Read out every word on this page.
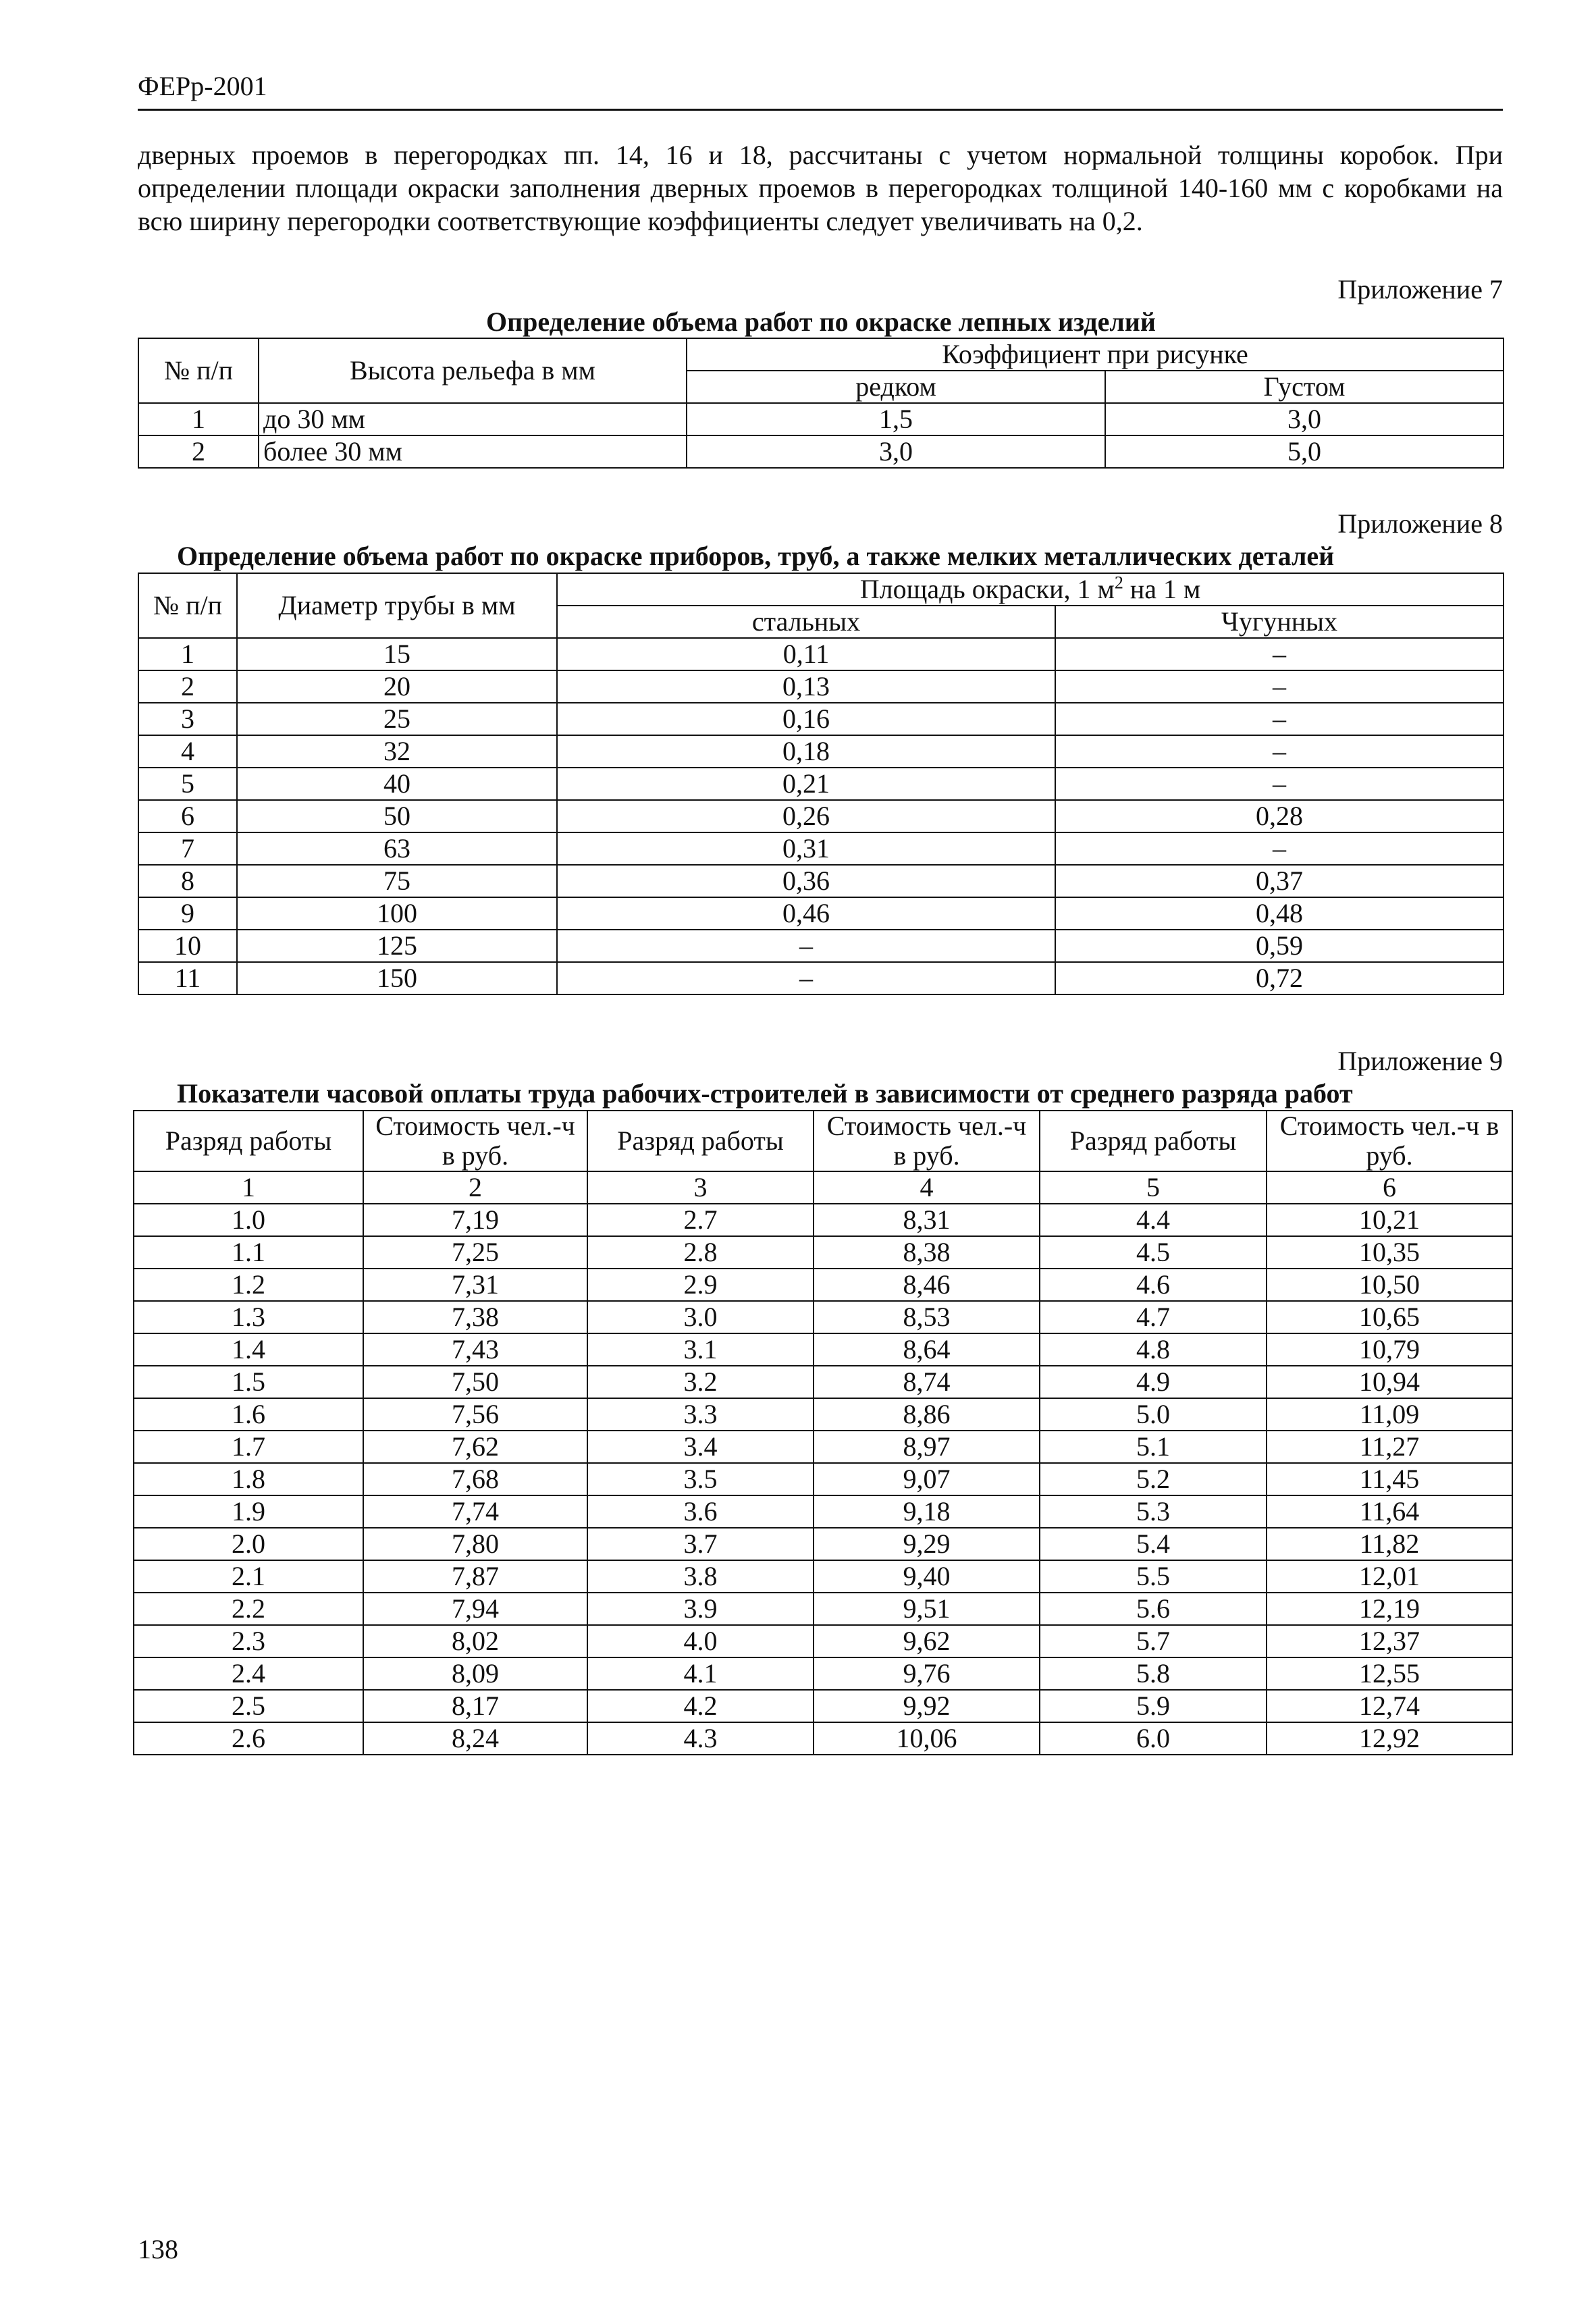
ФЕРр-2001
дверных проемов в перегородках пп. 14, 16 и 18, рассчитаны с учетом нормальной толщины коробок. При определении площади окраски заполнения дверных проемов в перегородках толщиной 140-160 мм с коробками на всю ширину перегородки соответствующие коэффициенты следует увеличивать на 0,2.
Приложение 7
Определение объема работ по окраске лепных изделий
№ п/п	Высота рельефа в мм	Коэффициент при рисунке	
		редком	Густом
1	до 30 мм	1,5	3,0
2	более 30 мм	3,0	5,0
Приложение 8
Определение объема работ по окраске приборов, труб, а также мелких металлических деталей
№ п/п	Диаметр трубы в мм	Площадь окраски, 1 $м^2$ на 1 м	
		стальных	Чугунных
1	15	0,11	–
2	20	0,13	–
3	25	0,16	–
4	32	0,18	–
5	40	0,21	–
6	50	0,26	0,28
7	63	0,31	–
8	75	0,36	0,37
9	100	0,46	0,48
10	125	–	0,59
11	150	–	0,72
Приложение 9
Показатели часовой оплаты труда рабочих-строителей в зависимости от среднего разряда работ
Разряд работы	Стоимость чел.-ч в руб.	Разряд работы	Стоимость чел.-ч в руб.	Разряд работы	Стоимость чел.-ч в руб.
1	2	3	4	5	6
1.0	7,19	2.7	8,31	4.4	10,21
1.1	7,25	2.8	8,38	4.5	10,35
1.2	7,31	2.9	8,46	4.6	10,50
1.3	7,38	3.0	8,53	4.7	10,65
1.4	7,43	3.1	8,64	4.8	10,79
1.5	7,50	3.2	8,74	4.9	10,94
1.6	7,56	3.3	8,86	5.0	11,09
1.7	7,62	3.4	8,97	5.1	11,27
1.8	7,68	3.5	9,07	5.2	11,45
1.9	7,74	3.6	9,18	5.3	11,64
2.0	7,80	3.7	9,29	5.4	11,82
2.1	7,87	3.8	9,40	5.5	12,01
2.2	7,94	3.9	9,51	5.6	12,19
2.3	8,02	4.0	9,62	5.7	12,37
2.4	8,09	4.1	9,76	5.8	12,55
2.5	8,17	4.2	9,92	5.9	12,74
2.6	8,24	4.3	10,06	6.0	12,92
138
